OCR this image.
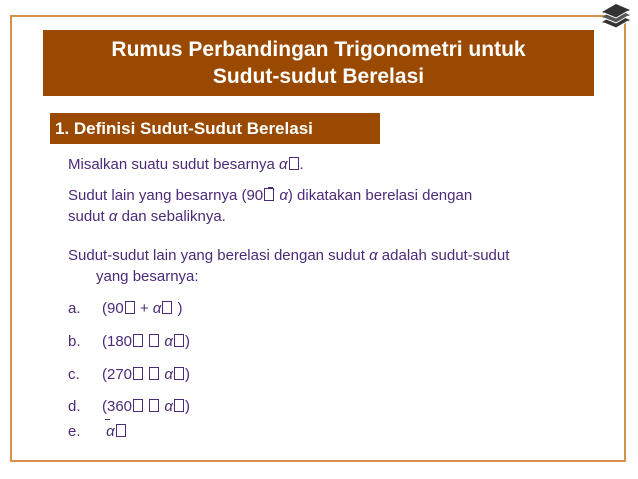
Rumus Perbandingan Trigonometri untuk
Sudut-sudut Berelasi
1. Definisi Sudut-Sudut Berelasi
Misalkan suatu sudut besarnya α .
Sudut lain yang besarnya (90 α) dikatakan berelasi dengan
sudut α dan sebaliknya.
Sudut-sudut lain yang berelasi dengan sudut α adalah sudut-sudut
yang besarnya:
a. (90 + α )
b. (180 α )
c. (270 α )
d. (360 α )
e. α
